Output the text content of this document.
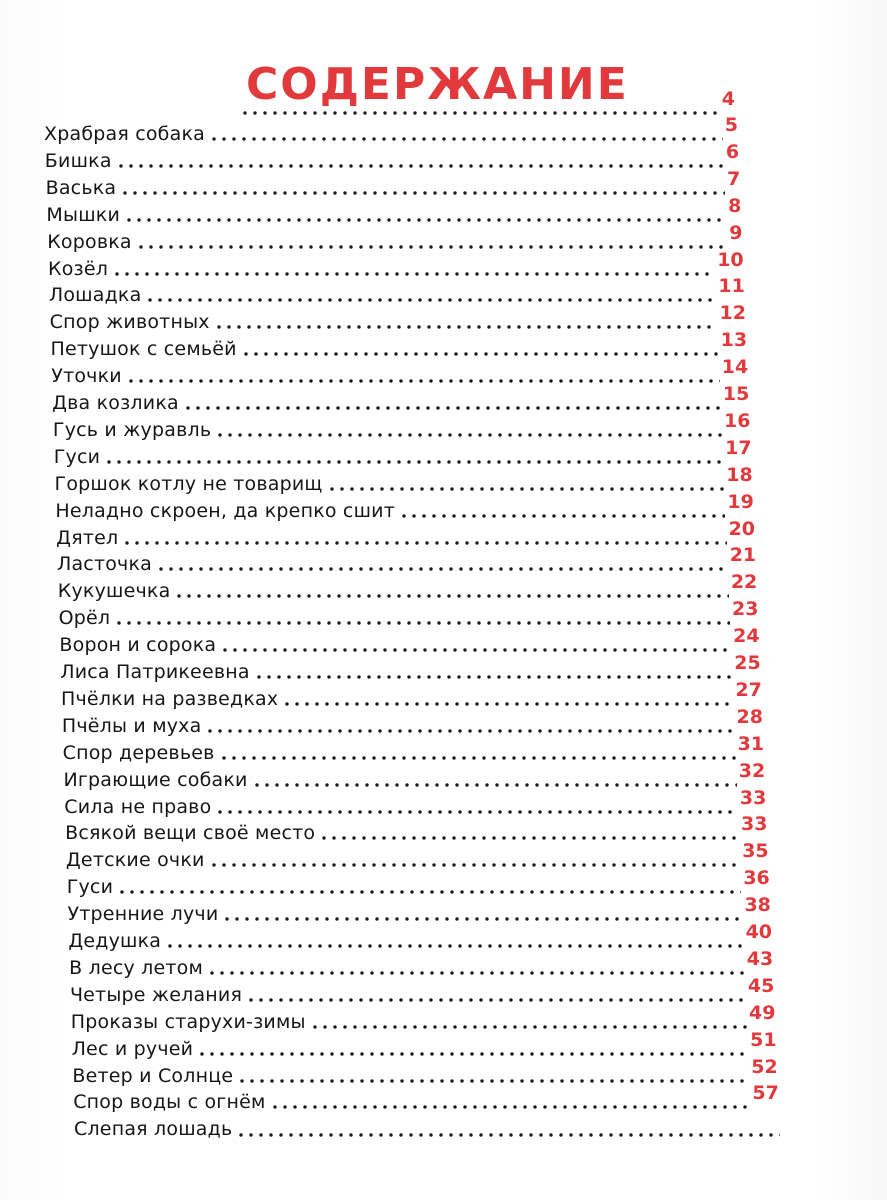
СОДЕРЖАНИЕ	4
Храбрая собака	5
Бишка	6
Васька	7
Мышки	8
Коровка	9
Козёл	10
Лошадка	11
Спор животных	12
Петушок с семьёй	13
Уточки	14
Два козлика	15
Гусь и журавль	16
Гуси	17
Горшок котлу не товарищ	18
Неладно скроен, да крепко сшит	19
Дятел	20
Ласточка	21
Кукушечка	22
Орёл	23
Ворон и сорока	24
Лиса Патрикеевна	25
Пчёлки на разведках	27
Пчёлы и муха	28
Спор деревьев	31
Играющие собаки	32
Сила не право	33
Всякой вещи своё место	33
Детские очки	35
Гуси	36
Утренние лучи	38
Дедушка	40
В лесу летом	43
Четыре желания	45
Проказы старухи-зимы	49
Лес и ручей	51
Ветер и Солнце	52
Спор воды с огнём	57
Слепая лошадь
